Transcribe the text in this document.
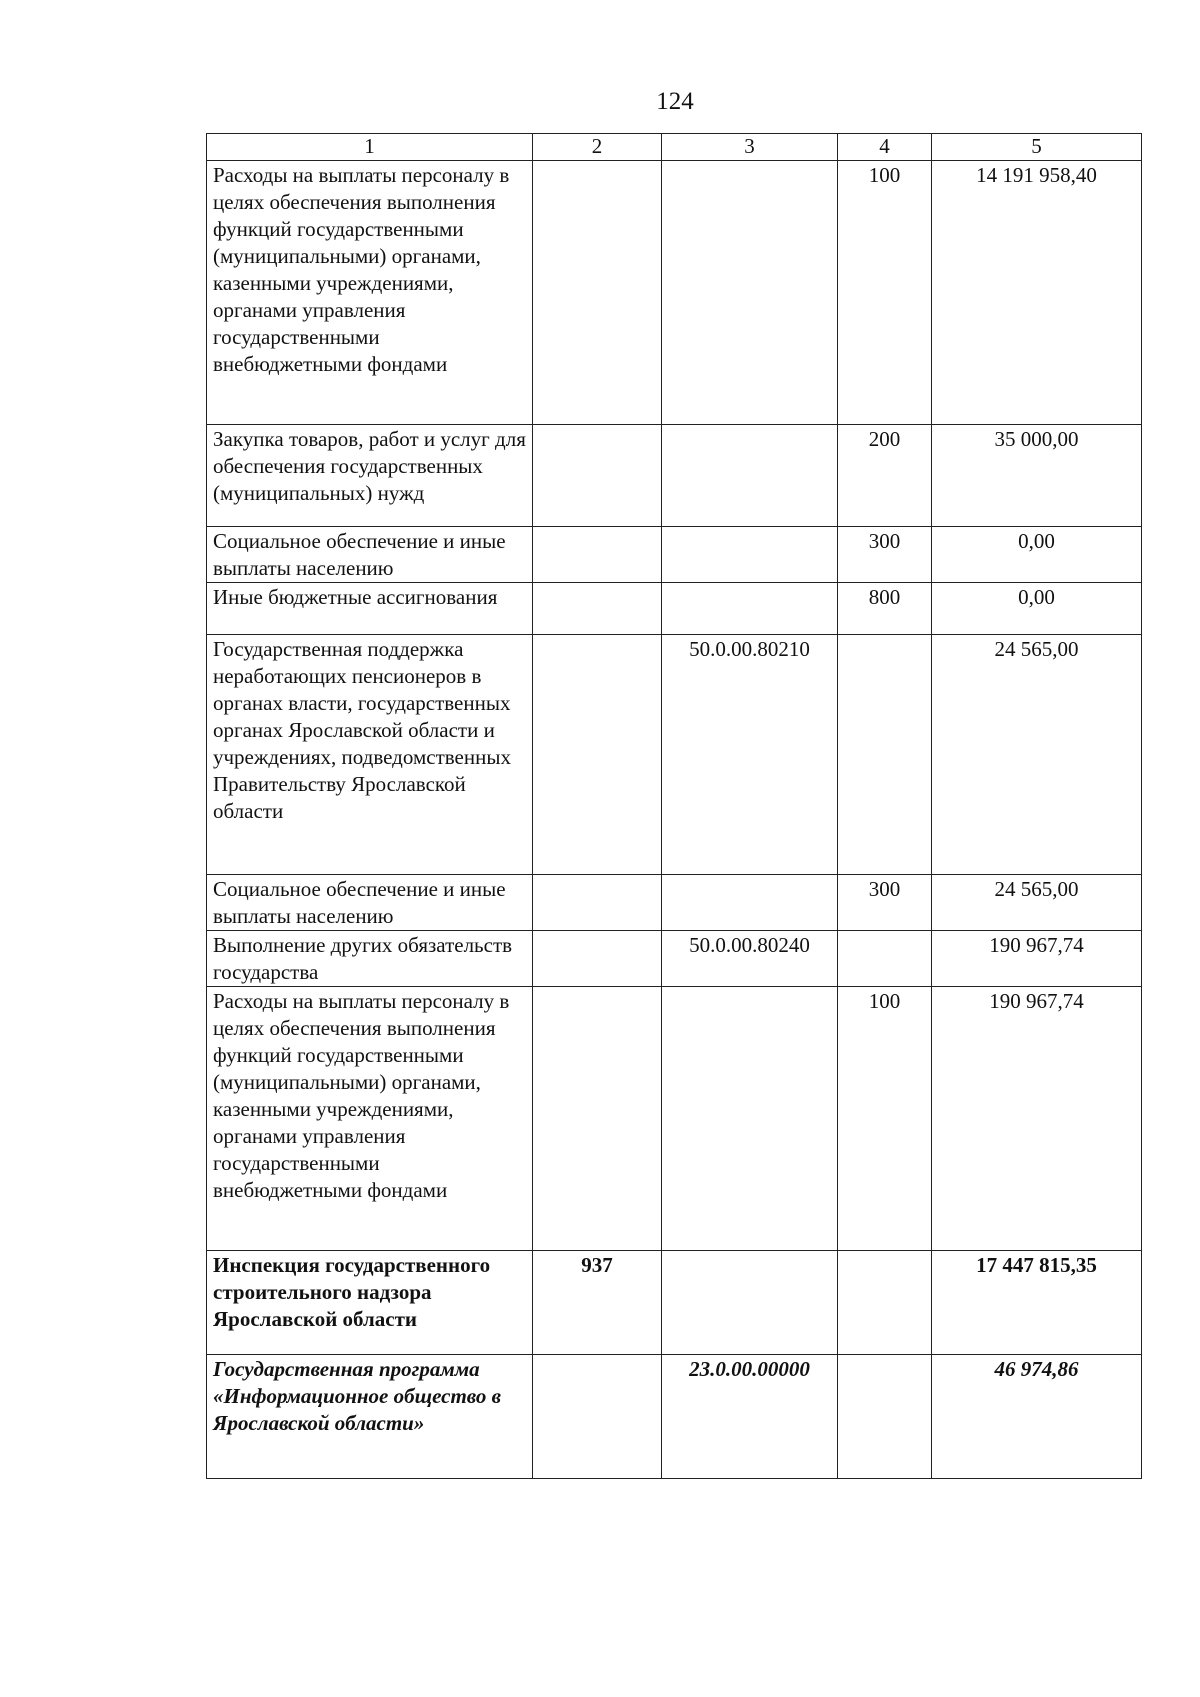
124
1	2	3	4	5
Расходы на выплаты персоналу в целях обеспечения выполнения функций государственными (муниципальными) органами, казенными учреждениями, органами управления государственными внебюджетными фондами			100	14 191 958,40
Закупка товаров, работ и услуг для обеспечения государственных (муниципальных) нужд			200	35 000,00
Социальное обеспечение и иные выплаты населению			300	0,00
Иные бюджетные ассигнования			800	0,00
Государственная поддержка неработающих пенсионеров в органах власти, государственных органах Ярославской области и учреждениях, подведомственных Правительству Ярославской области		50.0.00.80210		24 565,00
Социальное обеспечение и иные выплаты населению			300	24 565,00
Выполнение других обязательств государства		50.0.00.80240		190 967,74
Расходы на выплаты персоналу в целях обеспечения выполнения функций государственными (муниципальными) органами, казенными учреждениями, органами управления государственными внебюджетными фондами			100	190 967,74
Инспекция государственного строительного надзора Ярославской области	937			17 447 815,35
Государственная программа «Информационное общество в Ярославской области»		23.0.00.00000		46 974,86
